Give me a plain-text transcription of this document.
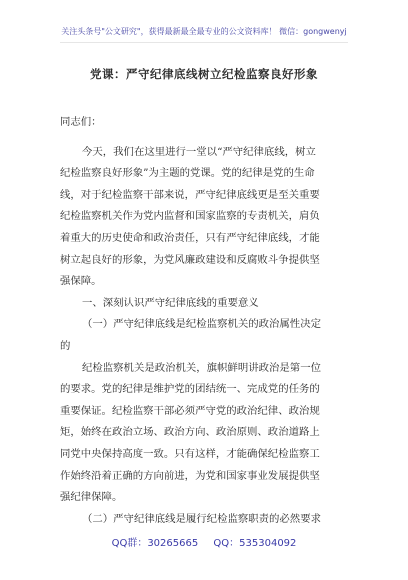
关注头条号"公文研究"，获得最新最全最专业的公文资料库！ 微信：gongwenyj
党课：严守纪律底线树立纪检监察良好形象
同志们：
今天，我们在这里进行一堂以“严守纪律底线，树立
纪检监察良好形象”为主题的党课。党的纪律是党的生命
线，对于纪检监察干部来说，严守纪律底线更是至关重要
纪检监察机关作为党内监督和国家监察的专责机关，肩负
着重大的历史使命和政治责任，只有严守纪律底线，才能
树立起良好的形象，为党风廉政建设和反腐败斗争提供坚
强保障。
一、深刻认识严守纪律底线的重要意义
（一）严守纪律底线是纪检监察机关的政治属性决定
的
纪检监察机关是政治机关，旗帜鲜明讲政治是第一位
的要求。党的纪律是维护党的团结统一、完成党的任务的
重要保证。纪检监察干部必须严守党的政治纪律、政治规
矩，始终在政治立场、政治方向、政治原则、政治道路上
同党中央保持高度一致。只有这样，才能确保纪检监察工
作始终沿着正确的方向前进，为党和国家事业发展提供坚
强纪律保障。
（二）严守纪律底线是履行纪检监察职责的必然要求
QQ群：30265665 QQ：535304092
